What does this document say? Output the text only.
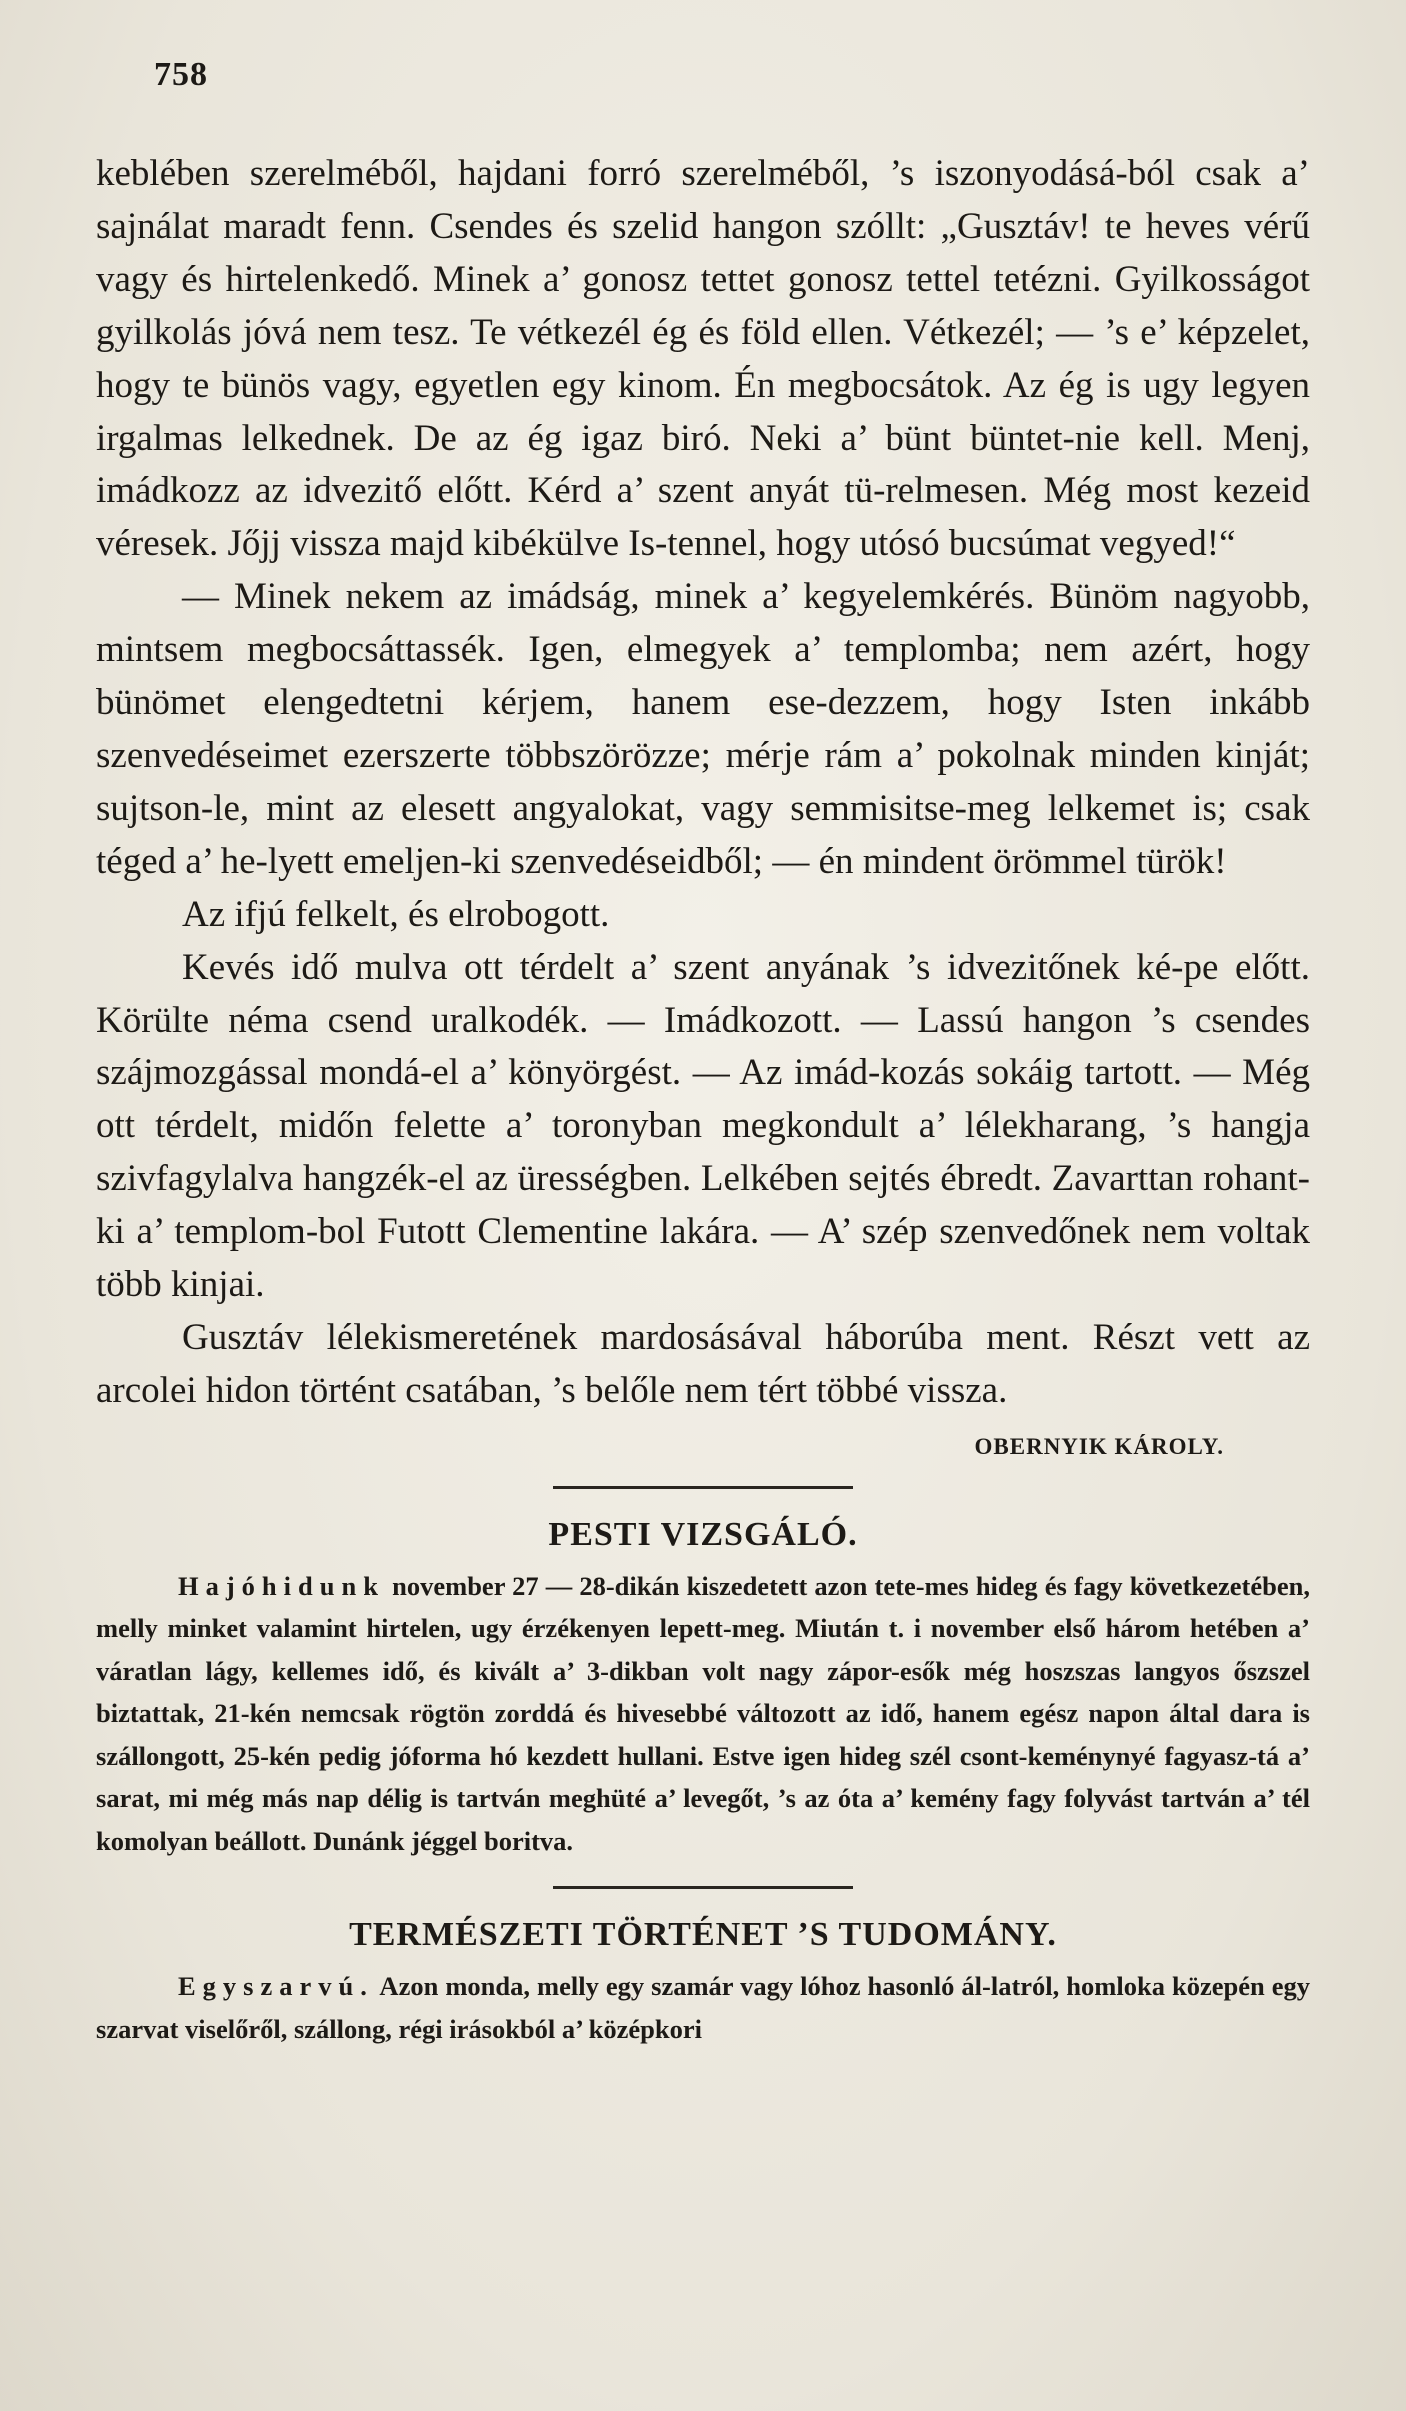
758

keblében szerelméből, hajdani forró szerelméből, ’s iszonyodásá-ból csak a’ sajnálat maradt fenn. Csendes és szelid hangon szóllt: „Gusztáv! te heves vérű vagy és hirtelenkedő. Minek a’ gonosz tettet gonosz tettel tetézni. Gyilkosságot gyilkolás jóvá nem tesz. Te vétkezél ég és föld ellen. Vétkezél; — ’s e’ képzelet, hogy te bünös vagy, egyetlen egy kinom. Én megbocsátok. Az ég is ugy legyen irgalmas lelkednek. De az ég igaz biró. Neki a’ bünt büntet-nie kell. Menj, imádkozz az idvezitő előtt. Kérd a’ szent anyát tü-relmesen. Még most kezeid véresek. Jőjj vissza majd kibékülve Is-tennel, hogy utósó bucsúmat vegyed!“

— Minek nekem az imádság, minek a’ kegyelemkérés. Bünöm nagyobb, mintsem megbocsáttassék. Igen, elmegyek a’ templomba; nem azért, hogy bünömet elengedtetni kérjem, hanem ese-dezzem, hogy Isten inkább szenvedéseimet ezerszerte többszörözze; mérje rám a’ pokolnak minden kinját; sujtson-le, mint az elesett angyalokat, vagy semmisitse-meg lelkemet is; csak téged a’ he-lyett emeljen-ki szenvedéseidből; — én mindent örömmel türök!

Az ifjú felkelt, és elrobogott.

Kevés idő mulva ott térdelt a’ szent anyának ’s idvezitőnek ké-pe előtt. Körülte néma csend uralkodék. — Imádkozott. — Lassú hangon ’s csendes szájmozgással mondá-el a’ könyörgést. — Az imád-kozás sokáig tartott. — Még ott térdelt, midőn felette a’ toronyban megkondult a’ lélekharang, ’s hangja szivfagylalva hangzék-el az ürességben. Lelkében sejtés ébredt. Zavarttan rohant-ki a’ templom-bol Futott Clementine lakára. — A’ szép szenvedőnek nem voltak több kinjai.

Gusztáv lélekismeretének mardosásával háborúba ment. Részt vett az arcolei hidon történt csatában, ’s belőle nem tért többé vissza.

OBERNYIK KÁROLY.
PESTI VIZSGÁLÓ.

Hajóhidunk november 27 — 28-dikán kiszedetett azon tete-mes hideg és fagy következetében, melly minket valamint hirtelen, ugy érzékenyen lepett-meg. Miután t. i november első három hetében a’ váratlan lágy, kellemes idő, és kivált a’ 3-dikban volt nagy zápor-esők még hoszszas langyos őszszel biztattak, 21-kén nemcsak rögtön zorddá és hivesebbé változott az idő, hanem egész napon által dara is szállongott, 25-kén pedig jóforma hó kezdett hullani. Estve igen hideg szél csont-keménynyé fagyasz-tá a’ sarat, mi még más nap délig is tartván meghüté a’ levegőt, ’s az óta a’ kemény fagy folyvást tartván a’ tél komolyan beállott. Dunánk jéggel boritva.

TERMÉSZETI TÖRTÉNET ’S TUDOMÁNY.

Egyszarvú. Azon monda, melly egy szamár vagy lóhoz hasonló ál-latról, homloka közepén egy szarvat viselőről, szállong, régi irásokból a’ középkori
